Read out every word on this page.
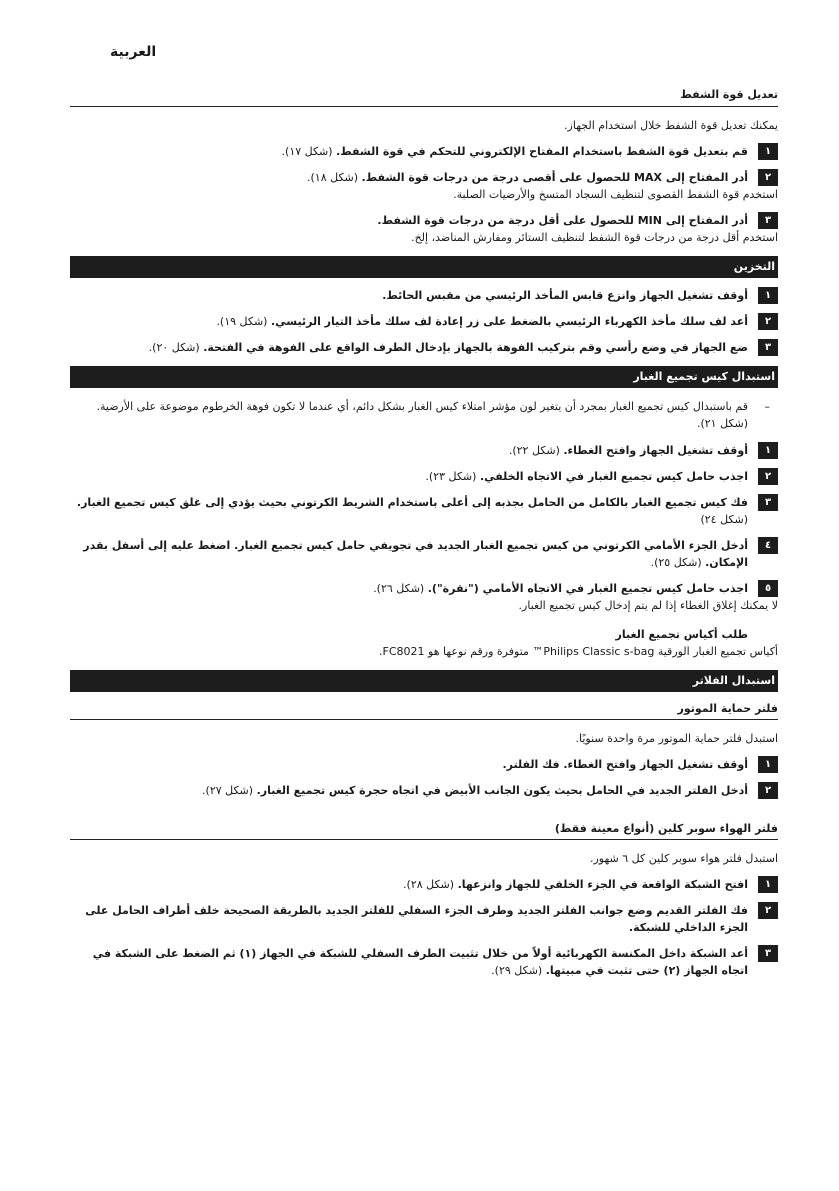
العربية
تعديل قوة الشفط
يمكنك تعديل قوة الشفط خلال استخدام الجهاز.
١
قم بتعديل قوة الشفط باستخدام المفتاح الإلكتروني للتحكم في قوة الشفط. (شكل ١٧).
٢
أدر المفتاح إلى MAX للحصول على أقصى درجة من درجات قوة الشفط. (شكل ١٨).
استخدم قوة الشفط القصوى لتنظيف السجاد المتسخ والأرضيات الصلبة.
٣
أدر المفتاح إلى MIN للحصول على أقل درجة من درجات قوة الشفط.
استخدم أقل درجة من درجات قوة الشفط لتنظيف الستائر ومفارش المناضد، إلخ.
التخزين
١
أوقف تشغيل الجهاز وانزع قابس المأخذ الرئيسي من مقبس الحائط.
٢
أعد لف سلك مأخذ الكهرباء الرئيسي بالضغط على زر إعادة لف سلك مأخذ التيار الرئيسي. (شكل ١٩).
٣
ضع الجهاز في وضع رأسي وقم بتركيب الفوهة بالجهاز بإدخال الطرف الواقع على الفوهة في الفتحة. (شكل ٢٠).
استبدال كيس تجميع الغبار
–
قم باستبدال كيس تجميع الغبار بمجرد أن يتغير لون مؤشر امتلاء كيس الغبار بشكل دائم، أي عندما لا تكون فوهة الخرطوم موضوعة على الأرضية. (شكل ٢١).
١
أوقف تشغيل الجهاز وافتح الغطاء. (شكل ٢٢).
٢
اجذب حامل كيس تجميع الغبار في الاتجاه الخلفي. (شكل ٢٣).
٣
فك كيس تجميع الغبار بالكامل من الحامل بجذبه إلى أعلى باستخدام الشريط الكرتوني بحيث يؤدي إلى غلق كيس تجميع الغبار. (شكل ٢٤)
٤
أدخل الجزء الأمامي الكرتوني من كيس تجميع الغبار الجديد في تجويفي حامل كيس تجميع الغبار. اضغط عليه إلى أسفل بقدر الإمكان. (شكل ٢٥).
٥
اجذب حامل كيس تجميع الغبار في الاتجاه الأمامي ("نقرة"). (شكل ٢٦).
لا يمكنك إغلاق الغطاء إذا لم يتم إدخال كيس تجميع الغبار.
طلب أكياس تجميع الغبار
أكياس تجميع الغبار الورقية Philips Classic s-bag™ متوفرة ورقم نوعها هو FC8021.
استبدال الفلاتر
فلتر حماية الموتور
استبدل فلتر حماية الموتور مرة واحدة سنويًا.
١
أوقف تشغيل الجهاز وافتح الغطاء. فك الفلتر.
٢
أدخل الفلتر الجديد في الحامل بحيث يكون الجانب الأبيض في اتجاه حجرة كيس تجميع الغبار. (شكل ٢٧).
فلتر الهواء سوبر كلين (أنواع معينة فقط)
استبدل فلتر هواء سوبر كلين كل ٦ شهور.
١
افتح الشبكة الواقعة في الجزء الخلفي للجهاز وانزعها. (شكل ٢٨).
٢
فك الفلتر القديم وضع جوانب الفلتر الجديد وطرف الجزء السفلي للفلتر الجديد بالطريقة الصحيحة خلف أطراف الحامل على الجزء الداخلي للشبكة.
٣
أعد الشبكة داخل المكنسة الكهربائية أولاً من خلال تثبيت الطرف السفلي للشبكة في الجهاز (١) ثم الضغط على الشبكة في اتجاه الجهاز (٢) حتى تثبت في مبيتها. (شكل ٢٩).
